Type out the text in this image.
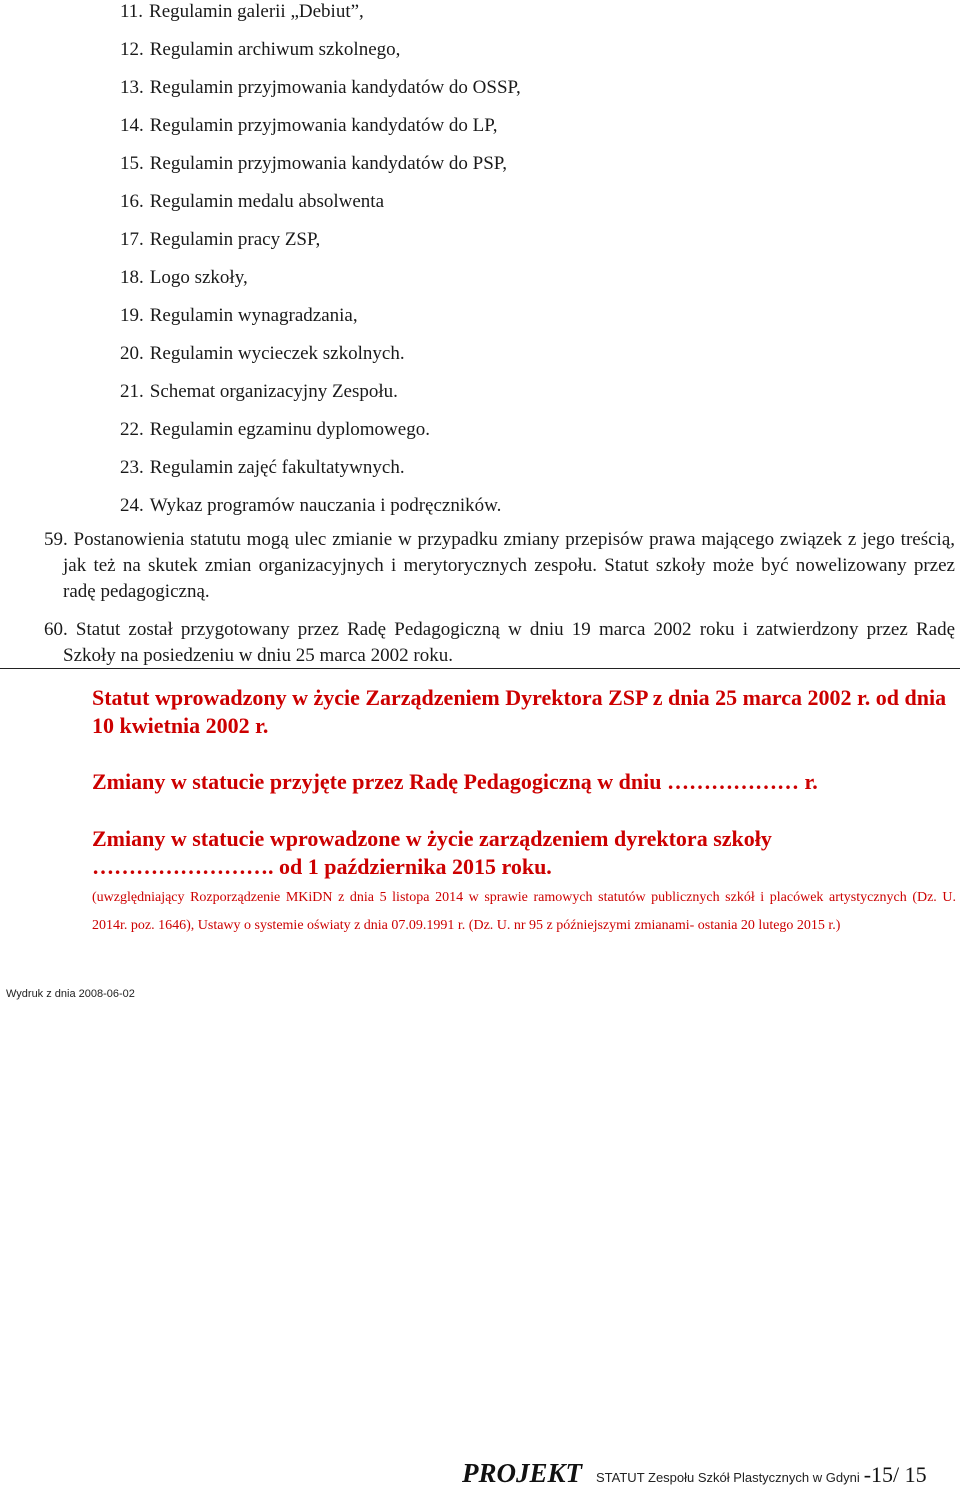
11. Regulamin galerii „Debiut”,
12. Regulamin archiwum szkolnego,
13. Regulamin przyjmowania kandydatów do OSSP,
14. Regulamin przyjmowania kandydatów do LP,
15. Regulamin przyjmowania kandydatów do PSP,
16. Regulamin medalu absolwenta
17. Regulamin pracy ZSP,
18. Logo szkoły,
19. Regulamin wynagradzania,
20. Regulamin wycieczek szkolnych.
21. Schemat organizacyjny Zespołu.
22. Regulamin egzaminu dyplomowego.
23. Regulamin zajęć fakultatywnych.
24. Wykaz programów nauczania i podręczników.
59. Postanowienia statutu mogą ulec zmianie w przypadku zmiany przepisów prawa mającego związek z jego treścią, jak też na skutek zmian organizacyjnych i merytorycznych zespołu. Statut szkoły może być nowelizowany przez radę pedagogiczną.
60. Statut został przygotowany przez Radę Pedagogiczną w dniu 19 marca 2002 roku i zatwierdzony przez Radę Szkoły na posiedzeniu w dniu 25 marca 2002 roku.
Statut wprowadzony w życie Zarządzeniem Dyrektora ZSP z dnia 25 marca 2002 r. od dnia 10 kwietnia 2002 r.
Zmiany w statucie przyjęte przez Radę Pedagogiczną w dniu ……………… r.
Zmiany w statucie wprowadzone w życie zarządzeniem dyrektora szkoły
……………………. od 1 października 2015 roku.
(uwzględniający Rozporządzenie MKiDN z dnia 5 listopa 2014 w sprawie ramowych statutów publicznych szkół i placówek artystycznych (Dz. U. 2014r. poz. 1646), Ustawy o systemie oświaty z dnia 07.09.1991 r. (Dz. U. nr 95 z późniejszymi zmianami- ostania 20 lutego 2015 r.)
Wydruk z dnia 2008-06-02
PROJEKT STATUT Zespołu Szkół Plastycznych w Gdyni -15/ 15
